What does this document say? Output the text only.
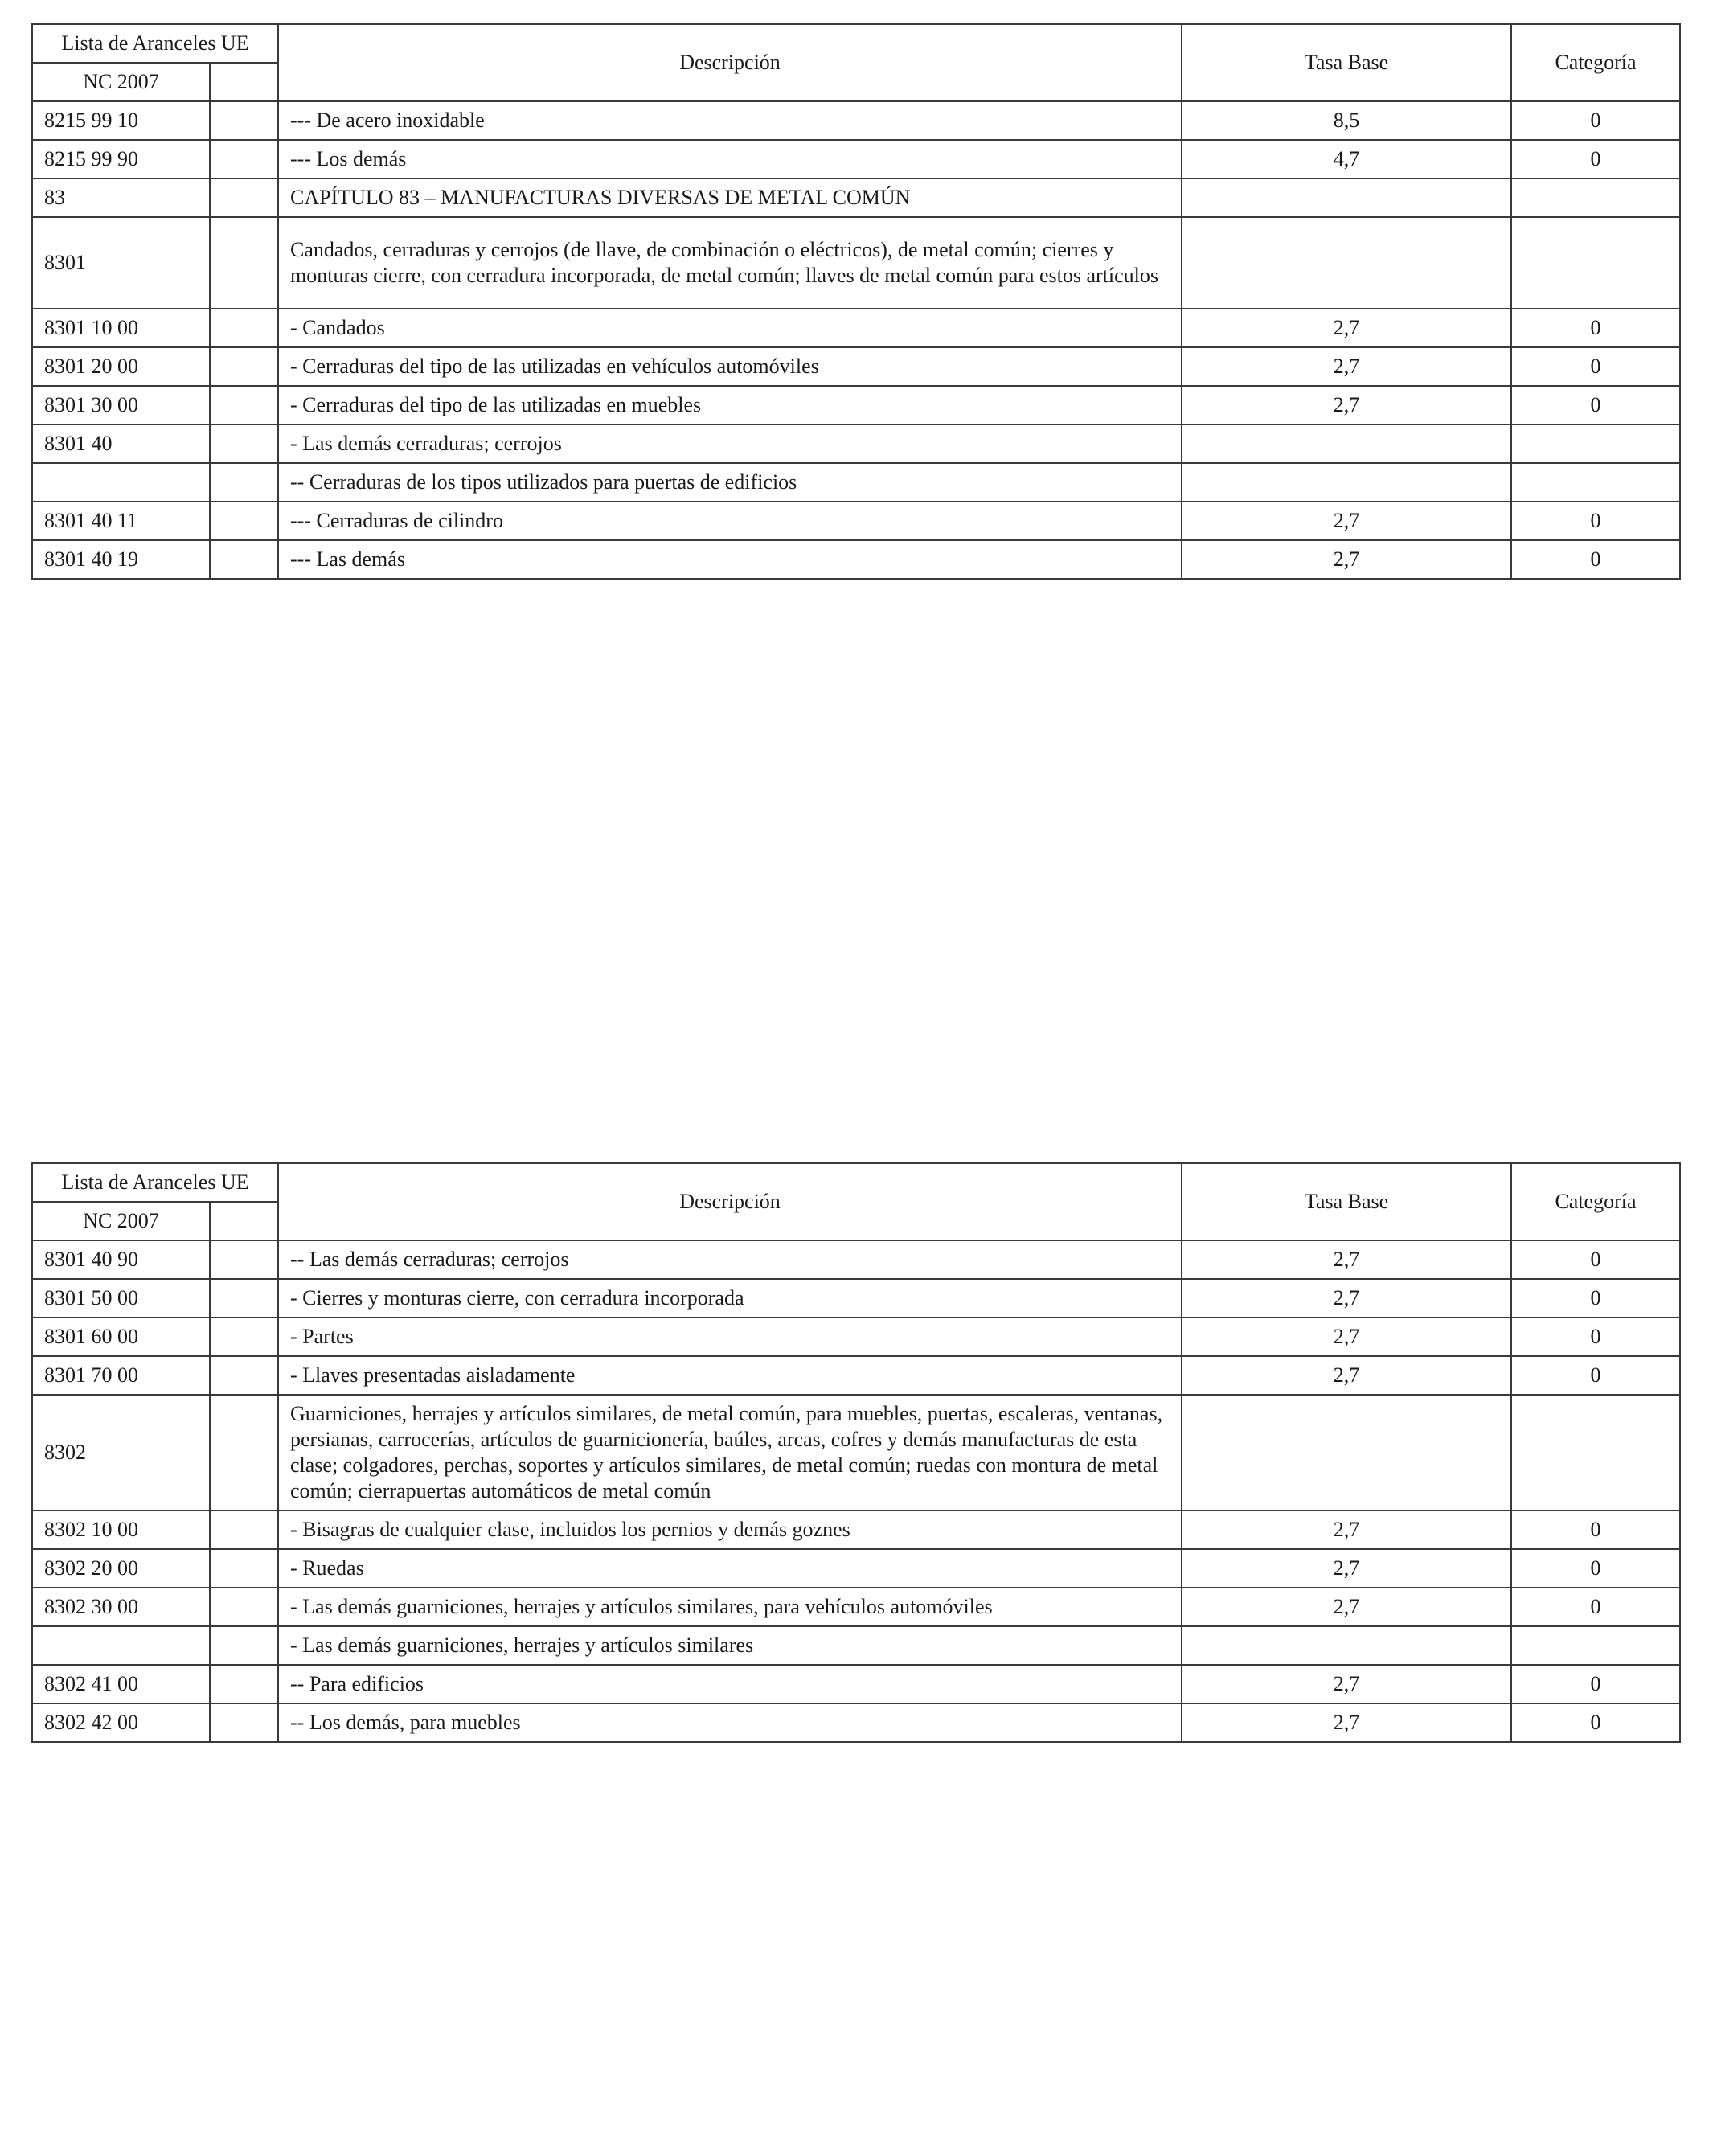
Lista de Aranceles UE		Descripción	Tasa Base	Categoría
NC 2007				
8215 99 10		--- De acero inoxidable	8,5	0
8215 99 90		--- Los demás	4,7	0
83		CAPÍTULO 83 – MANUFACTURAS DIVERSAS DE METAL COMÚN		
8301		Candados, cerraduras y cerrojos (de llave, de combinación o eléctricos), de metal común; cierres y monturas cierre, con cerradura incorporada, de metal común; llaves de metal común para estos artículos		
8301 10 00		- Candados	2,7	0
8301 20 00		- Cerraduras del tipo de las utilizadas en vehículos automóviles	2,7	0
8301 30 00		- Cerraduras del tipo de las utilizadas en muebles	2,7	0
8301 40		- Las demás cerraduras; cerrojos		
		-- Cerraduras de los tipos utilizados para puertas de edificios		
8301 40 11		--- Cerraduras de cilindro	2,7	0
8301 40 19		--- Las demás	2,7	0
Lista de Aranceles UE		Descripción	Tasa Base	Categoría
NC 2007				
8301 40 90		-- Las demás cerraduras; cerrojos	2,7	0
8301 50 00		- Cierres y monturas cierre, con cerradura incorporada	2,7	0
8301 60 00		- Partes	2,7	0
8301 70 00		- Llaves presentadas aisladamente	2,7	0
8302		Guarniciones, herrajes y artículos similares, de metal común, para muebles, puertas, escaleras, ventanas, persianas, carrocerías, artículos de guarnicionería, baúles, arcas, cofres y demás manufacturas de esta clase; colgadores, perchas, soportes y artículos similares, de metal común; ruedas con montura de metal común; cierrapuertas automáticos de metal común		
8302 10 00		- Bisagras de cualquier clase, incluidos los pernios y demás goznes	2,7	0
8302 20 00		- Ruedas	2,7	0
8302 30 00		- Las demás guarniciones, herrajes y artículos similares, para vehículos automóviles	2,7	0
		- Las demás guarniciones, herrajes y artículos similares		
8302 41 00		-- Para edificios	2,7	0
8302 42 00		-- Los demás, para muebles	2,7	0
